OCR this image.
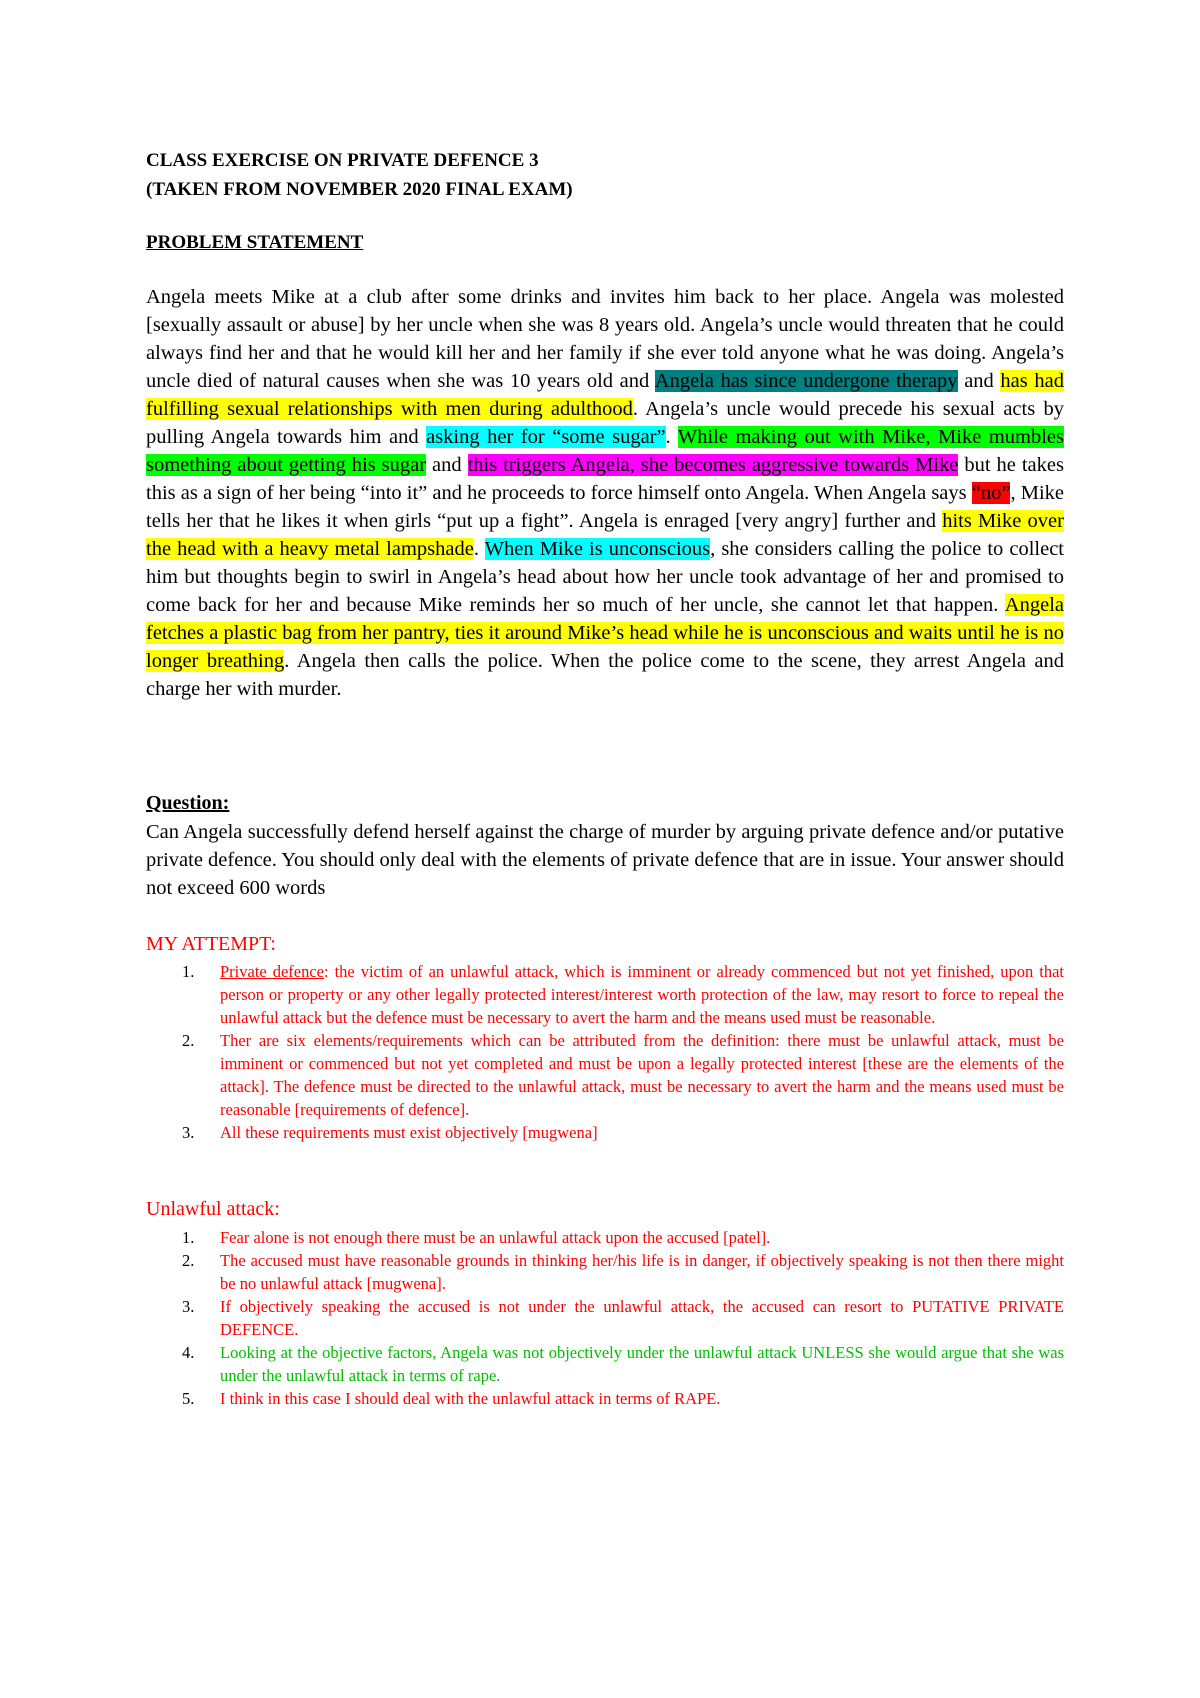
CLASS EXERCISE ON PRIVATE DEFENCE 3
(TAKEN FROM NOVEMBER 2020 FINAL EXAM)
PROBLEM STATEMENT
Angela meets Mike at a club after some drinks and invites him back to her place. Angela was molested [sexually assault or abuse] by her uncle when she was 8 years old. Angela’s uncle would threaten that he could always find her and that he would kill her and her family if she ever told anyone what he was doing. Angela’s uncle died of natural causes when she was 10 years old and Angela has since undergone therapy and has had fulfilling sexual relationships with men during adulthood. Angela’s uncle would precede his sexual acts by pulling Angela towards him and asking her for “some sugar”. While making out with Mike, Mike mumbles something about getting his sugar and this triggers Angela, she becomes aggressive towards Mike but he takes this as a sign of her being “into it” and he proceeds to force himself onto Angela. When Angela says “no”, Mike tells her that he likes it when girls “put up a fight”. Angela is enraged [very angry] further and hits Mike over the head with a heavy metal lampshade. When Mike is unconscious, she considers calling the police to collect him but thoughts begin to swirl in Angela’s head about how her uncle took advantage of her and promised to come back for her and because Mike reminds her so much of her uncle, she cannot let that happen. Angela fetches a plastic bag from her pantry, ties it around Mike’s head while he is unconscious and waits until he is no longer breathing. Angela then calls the police. When the police come to the scene, they arrest Angela and charge her with murder.
Question:
Can Angela successfully defend herself against the charge of murder by arguing private defence and/or putative private defence. You should only deal with the elements of private defence that are in issue. Your answer should not exceed 600 words
MY ATTEMPT:
1. Private defence: the victim of an unlawful attack, which is imminent or already commenced but not yet finished, upon that person or property or any other legally protected interest/interest worth protection of the law, may resort to force to repeal the unlawful attack but the defence must be necessary to avert the harm and the means used must be reasonable.
2. Ther are six elements/requirements which can be attributed from the definition: there must be unlawful attack, must be imminent or commenced but not yet completed and must be upon a legally protected interest [these are the elements of the attack]. The defence must be directed to the unlawful attack, must be necessary to avert the harm and the means used must be reasonable [requirements of defence].
3. All these requirements must exist objectively [mugwena]
Unlawful attack:
1. Fear alone is not enough there must be an unlawful attack upon the accused [patel].
2. The accused must have reasonable grounds in thinking her/his life is in danger, if objectively speaking is not then there might be no unlawful attack [mugwena].
3. If objectively speaking the accused is not under the unlawful attack, the accused can resort to PUTATIVE PRIVATE DEFENCE.
4. Looking at the objective factors, Angela was not objectively under the unlawful attack UNLESS she would argue that she was under the unlawful attack in terms of rape.
5. I think in this case I should deal with the unlawful attack in terms of RAPE.
